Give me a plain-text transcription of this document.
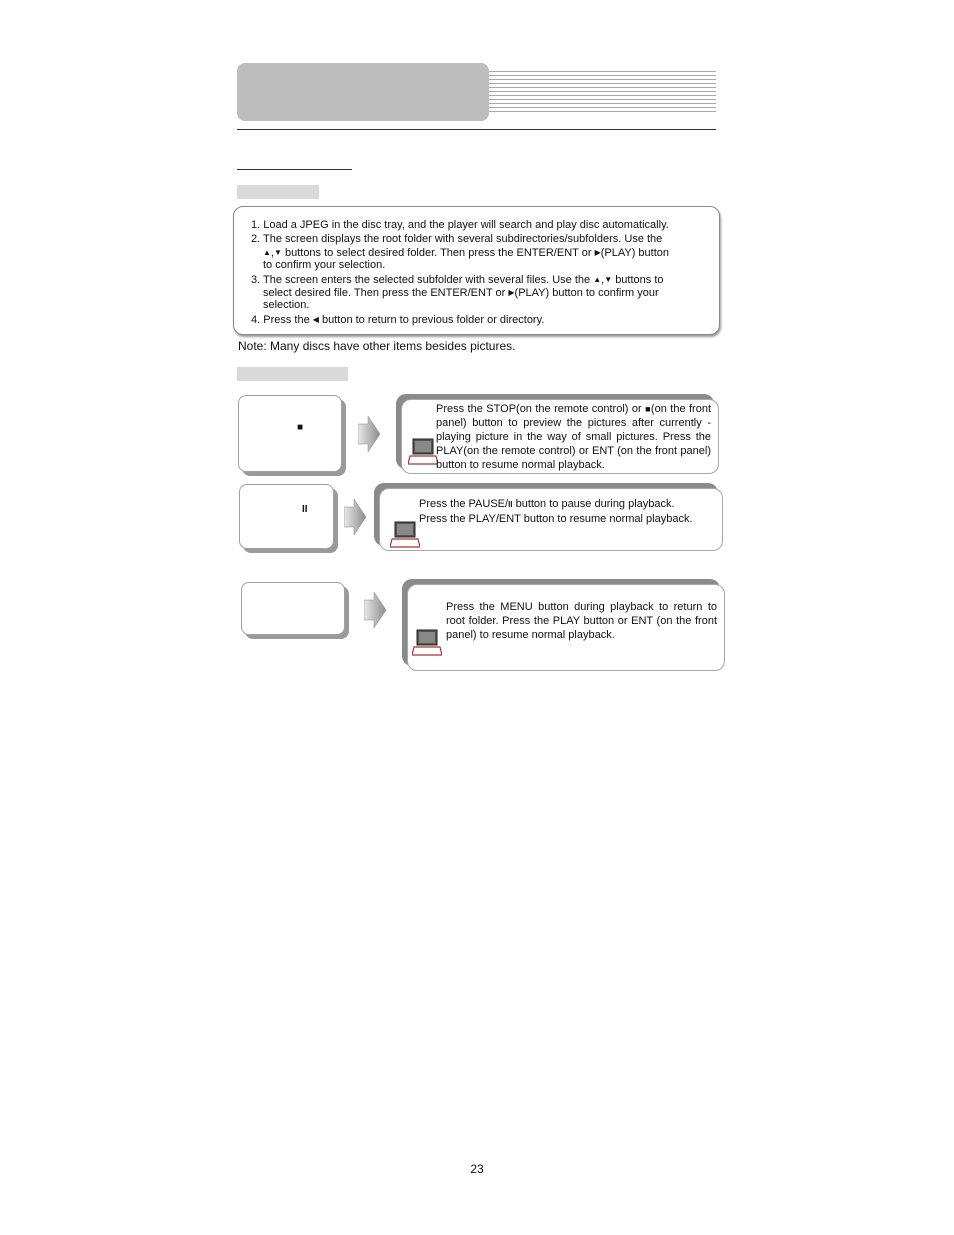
1. Load a JPEG in the disc tray, and the player will search and play disc automatically.
2. The screen displays the root folder with several subdirectories/subfolders. Use the
▲,▼ buttons to select desired folder. Then press the ENTER/ENT or ▶(PLAY) button
to confirm your selection.
3. The screen enters the selected subfolder with several files. Use the ▲,▼ buttons to
select desired file. Then press the ENTER/ENT or ▶(PLAY) button to confirm your
selection.
4. Press the ◀ button to return to previous folder or directory.
Note: Many discs have other items besides pictures.
■
Press the STOP(on the remote control) or ■(on the front panel) button to preview the pictures after currently -playing picture in the way of small pictures. Press the PLAY(on the remote control) or ENT (on the front panel) button to resume normal playback.
II	Press the PAUSE/II button to pause during playback.
Press the PLAY/ENT button to resume normal playback.
Press the MENU button during playback to return to root folder. Press the PLAY button or ENT (on the front panel) to resume normal playback.
23
